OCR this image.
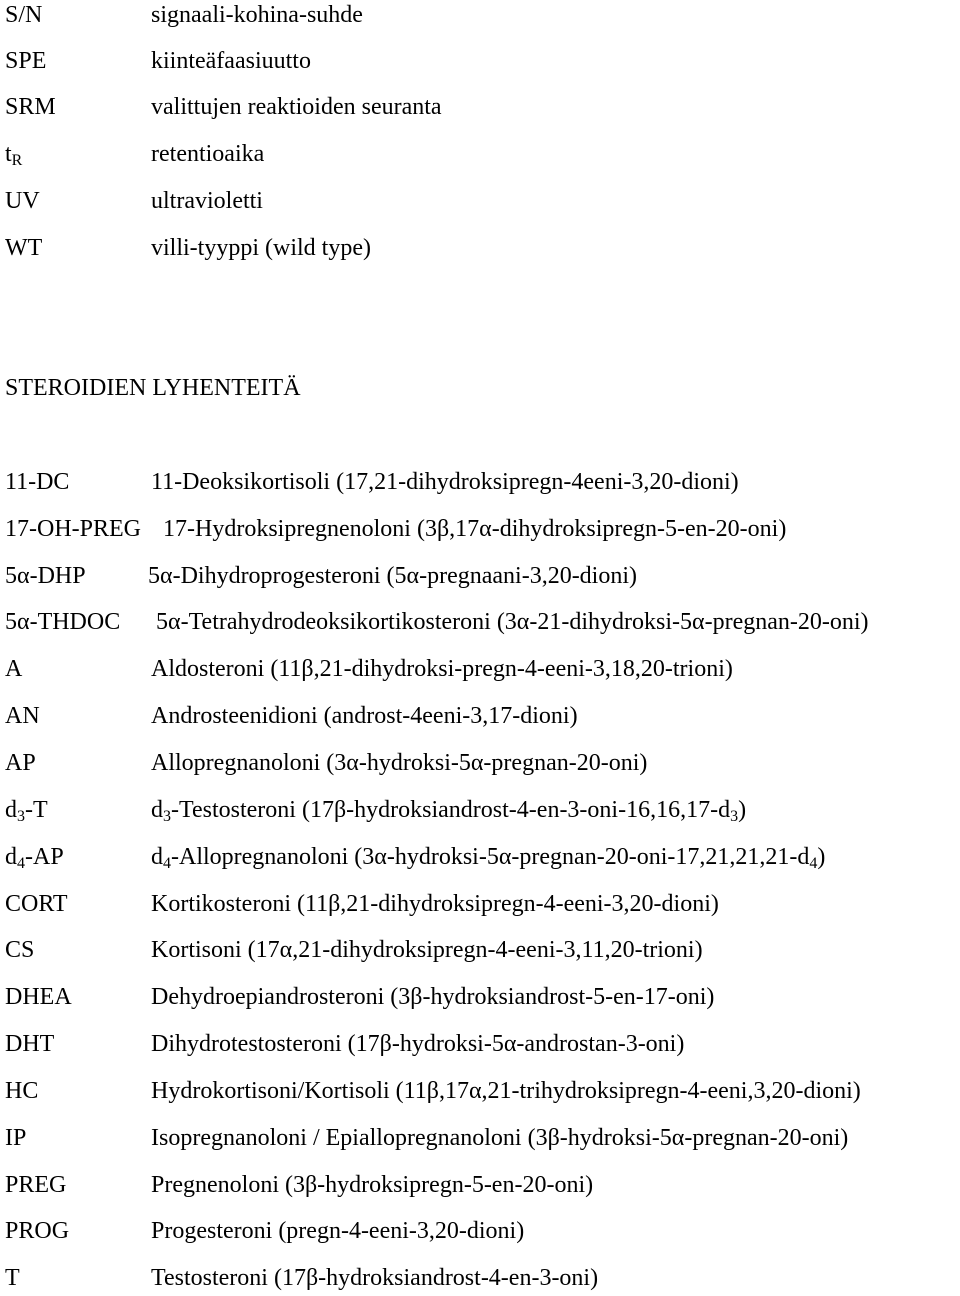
S/N	signaali-kohina-suhde
SPE	kiinteäfaasiuutto
SRM	valittujen reaktioiden seuranta
$t_R$	retentioaika
UV	ultravioletti
WT	villi-tyyppi (wild type)
STEROIDIEN LYHENTEITÄ
11-DC	11-Deoksikortisoli (17,21-dihydroksipregn-4eeni-3,20-dioni)
17-OH-PREG 17-Hydroksipregnenoloni (3β,17α-dihydroksipregn-5-en-20-oni)
5α-DHP	5α-Dihydroprogesteroni (5α-pregnaani-3,20-dioni)
5α-THDOC 5α-Tetrahydrodeoksikortikosteroni (3α-21-dihydroksi-5α-pregnan-20-oni)
A	Aldosteroni (11β,21-dihydroksi-pregn-4-eeni-3,18,20-trioni)
AN	Androsteenidioni (androst-4eeni-3,17-dioni)
AP	Allopregnanoloni (3α-hydroksi-5α-pregnan-20-oni)
$d_3-T$	$d_3$-Testosteroni $(17\beta-hydroksiandrost-4-en-3-oni-16,16,17-d_3)$
$d_4-AP$	$d_4$-Allopregnanoloni $(3\alpha-hydroksi-5\alpha-pregnan-20-oni-17,21,21,21-d_4)$
CORT	Kortikosteroni (11β,21-dihydroksipregn-4-eeni-3,20-dioni)
CS	Kortisoni (17α,21-dihydroksipregn-4-eeni-3,11,20-trioni)
DHEA	Dehydroepiandrosteroni (3β-hydroksiandrost-5-en-17-oni)
DHT	Dihydrotestosteroni (17β-hydroksi-5α-androstan-3-oni)
HC	Hydrokortisoni/Kortisoli (11β,17α,21-trihydroksipregn-4-eeni,3,20-dioni)
IP	Isopregnanoloni / Epiallopregnanoloni (3β-hydroksi-5α-pregnan-20-oni)
PREG	Pregnenoloni (3β-hydroksipregn-5-en-20-oni)
PROG	Progesteroni (pregn-4-eeni-3,20-dioni)
T	Testosteroni (17β-hydroksiandrost-4-en-3-oni)
